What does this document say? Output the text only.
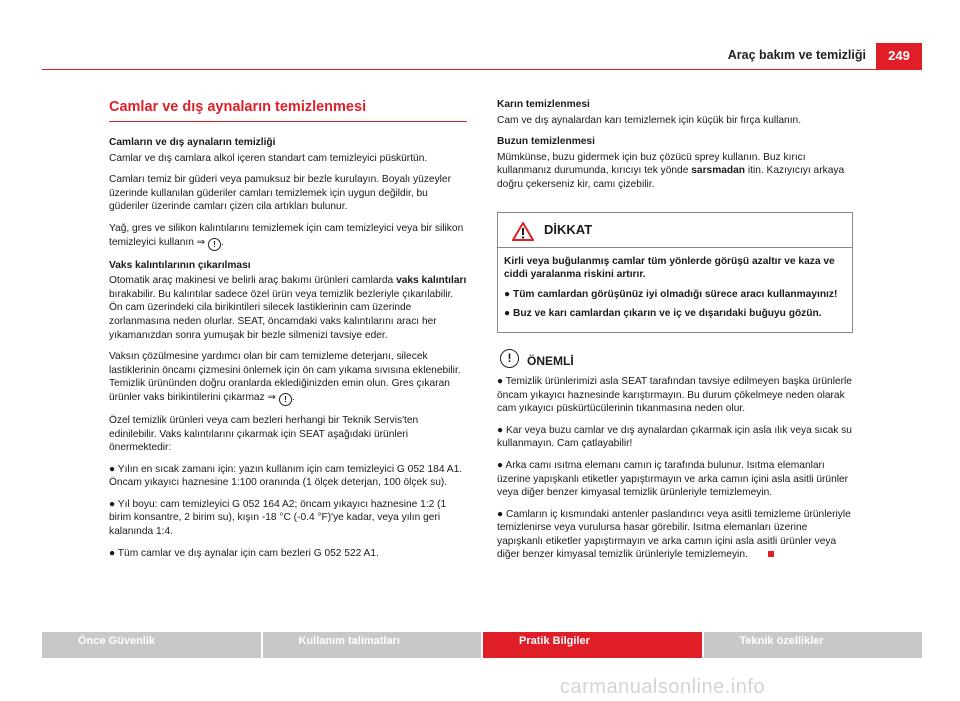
Araç bakım ve temizliği	249
Camlar ve dış aynaların temizlenmesi

Camların ve dış aynaların temizliği

Camlar ve dış camlara alkol içeren standart cam temizleyici püskürtün.

Camları temiz bir güderi veya pamuksuz bir bezle kurulayın. Boyalı yüzeyler üzerinde kullanılan güderiler camları temizlemek için uygun değildir, bu güderiler üzerinde camları çizen cila artıkları bulunur.

Yağ, gres ve silikon kalıntılarını temizlemek için cam temizleyici veya bir silikon temizleyici kullanın ⇒ ! .

Vaks kalıntılarının çıkarılması

Otomatik araç makinesi ve belirli araç bakımı ürünleri camlarda vaks kalıntıları bırakabilir. Bu kalıntılar sadece özel ürün veya temizlik bezleriyle çıkarılabilir. Ön cam üzerindeki cila birikintileri silecek lastiklerinin cam üzerinde zorlanmasına neden olurlar. SEAT, öncamdaki vaks kalıntılarını aracı her yıkamanızdan sonra yumuşak bir bezle silmenizi tavsiye eder.

Vaksın çözülmesine yardımcı olan bir cam temizleme deterjanı, silecek lastiklerinin öncamı çizmesini önlemek için ön cam yıkama sıvısına eklenebilir. Temizlik ürününden doğru oranlarda eklediğinizden emin olun. Gres çıkaran ürünler vaks birikintilerini çıkarmaz ⇒ ! .

Özel temizlik ürünleri veya cam bezleri herhangi bir Teknik Servis'ten edinilebilir. Vaks kalıntılarını çıkarmak için SEAT aşağıdaki ürünleri önermektedir:

● Yılın en sıcak zamanı için: yazın kullanım için cam temizleyici G 052 184 A1. Öncam yıkayıcı haznesine 1:100 oranında (1 ölçek deterjan, 100 ölçek su).

● Yıl boyu: cam temizleyici G 052 164 A2; öncam yıkayıcı haznesine 1:2 (1 birim konsantre, 2 birim su), kışın -18 °C (-0.4 °F)'ye kadar, veya yılın geri kalanında 1:4.

● Tüm camlar ve dış aynalar için cam bezleri G 052 522 A1.

Karın temizlenmesi

Cam ve dış aynalardan karı temizlemek için küçük bir fırça kullanın.

Buzun temizlenmesi

Mümkünse, buzu gidermek için buz çözücü sprey kullanın. Buz kırıcı kullanmanız durumunda, kırıcıyı tek yönde sarsmadan itin. Kazıyıcıyı arkaya doğru çekerseniz kir, camı çizebilir.

DİKKAT

Kirli veya buğulanmış camlar tüm yönlerde görüşü azaltır ve kaza ve ciddi yaralanma riskini artırır.

● Tüm camlardan görüşünüz iyi olmadığı sürece aracı kullanmayınız!

● Buz ve karı camlardan çıkarın ve iç ve dışarıdaki buğuyu gözün.

!	ÖNEMLİ

● Temizlik ürünlerimizi asla SEAT tarafından tavsiye edilmeyen başka ürünlerle öncam yıkayıcı haznesinde karıştırmayın. Bu durum çökelmeye neden olarak cam yıkayıcı püskürtücülerinin tıkanmasına neden olur.

● Kar veya buzu camlar ve dış aynalardan çıkarmak için asla ılık veya sıcak su kullanmayın. Cam çatlayabilir!

● Arka camı ısıtma elemanı camın iç tarafında bulunur. Isıtma elemanları üzerine yapışkanlı etiketler yapıştırmayın ve arka camın içini asla asitli ürünler veya diğer benzer kimyasal temizlik ürünleriyle temizlemeyin.

● Camların iç kısmındaki antenler paslandırıcı veya asitli temizleme ürünleriyle temizlenirse veya vurulursa hasar görebilir. Isıtma elemanları üzerine yapışkanlı etiketler yapıştırmayın ve arka camın içini asla asitli ürünler veya diğer benzer kimyasal temizlik ürünleriyle temizlemeyin.

Önce Güvenlik	Kullanım talimatları	Pratik Bilgiler	Teknik özellikler
carmanualsonline.info
